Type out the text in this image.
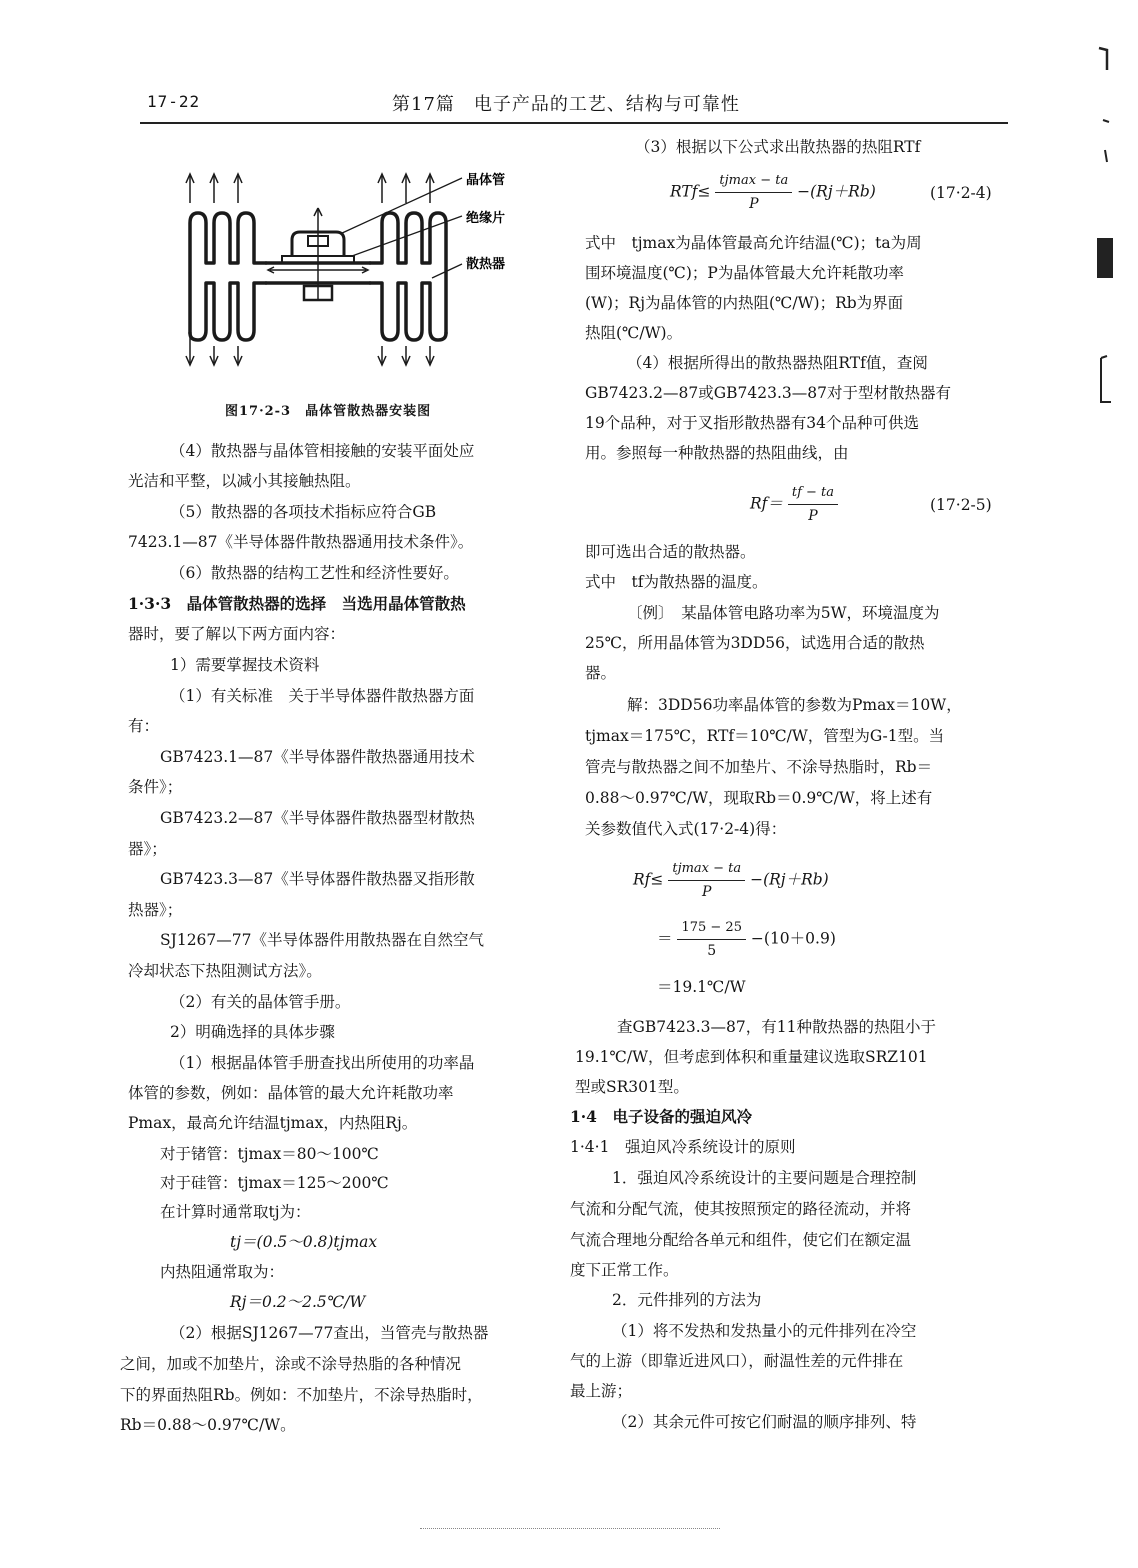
17-22	第17篇　电子产品的工艺、结构与可靠性
晶体管
绝缘片
散热器
图17·2-3　晶体管散热器安装图
（4）散热器与晶体管相接触的安装平面处应
光洁和平整，以减小其接触热阻。
（5）散热器的各项技术指标应符合GB
7423.1—87《半导体器件散热器通用技术条件》。
（6）散热器的结构工艺性和经济性要好。
1·3·3　晶体管散热器的选择　当选用晶体管散热
器时，要了解以下两方面内容：
1）需要掌握技术资料
（1）有关标准　关于半导体器件散热器方面
有：
GB7423.1—87《半导体器件散热器通用技术
条件》；
GB7423.2—87《半导体器件散热器型材散热
器》；
GB7423.3—87《半导体器件散热器叉指形散
热器》；
SJ1267—77《半导体器件用散热器在自然空气
冷却状态下热阻测试方法》。
（2）有关的晶体管手册。
2）明确选择的具体步骤
（1）根据晶体管手册查找出所使用的功率晶
体管的参数，例如：晶体管的最大允许耗散功率
Pmax，最高允许结温tjmax，内热阻Rj。
对于锗管：tjmax＝80～100℃
对于硅管：tjmax＝125～200℃
在计算时通常取tj为：
tj＝(0.5～0.8)tjmax
内热阻通常取为：
Rj＝0.2～2.5℃/W
（2）根据SJ1267—77查出，当管壳与散热器
之间，加或不加垫片，涂或不涂导热脂的各种情况
下的界面热阻Rb。例如：不加垫片，不涂导热脂时，
Rb＝0.88～0.97℃/W。
（3）根据以下公式求出散热器的热阻RTf
$RTf\le \frac{tjmax - ta}{P} -(Rj+Rb)$	(17·2-4)
式中　tjmax为晶体管最高允许结温(℃)；ta为周
围环境温度(℃)；P为晶体管最大允许耗散功率
(W)；Rj为晶体管的内热阻(℃/W)；Rb为界面
热阻(℃/W)。
（4）根据所得出的散热器热阻RTf值，查阅
GB7423.2—87或GB7423.3—87对于型材散热器有
19个品种，对于叉指形散热器有34个品种可供选
用。参照每一种散热器的热阻曲线，由
$Rf= \frac{tf - ta}{P}$	(17·2-5)
即可选出合适的散热器。
式中　tf为散热器的温度。
〔例〕　某晶体管电路功率为5W，环境温度为
25℃，所用晶体管为3DD56，试选用合适的散热
器。
解：3DD56功率晶体管的参数为Pmax＝10W，
tjmax＝175℃，RTf＝10℃/W，管型为G-1型。当
管壳与散热器之间不加垫片、不涂导热脂时，Rb＝
0.88～0.97℃/W，现取Rb＝0.9℃/W，将上述有
关参数值代入式(17·2-4)得：
$Rf\le \frac{tjmax - ta}{P} -(Rj+Rb)$
＝ $\frac{175 - 25}{5} -(10+0.9)$
＝19.1℃/W
查GB7423.3—87，有11种散热器的热阻小于
19.1℃/W，但考虑到体积和重量建议选取SRZ101
型或SR301型。
1·4　电子设备的强迫风冷
1·4·1　强迫风冷系统设计的原则
1．强迫风冷系统设计的主要问题是合理控制
气流和分配气流，使其按照预定的路径流动，并将
气流合理地分配给各单元和组件，使它们在额定温
度下正常工作。
2．元件排列的方法为
（1）将不发热和发热量小的元件排列在冷空
气的上游（即靠近进风口），耐温性差的元件排在
最上游；
（2）其余元件可按它们耐温的顺序排列、特
